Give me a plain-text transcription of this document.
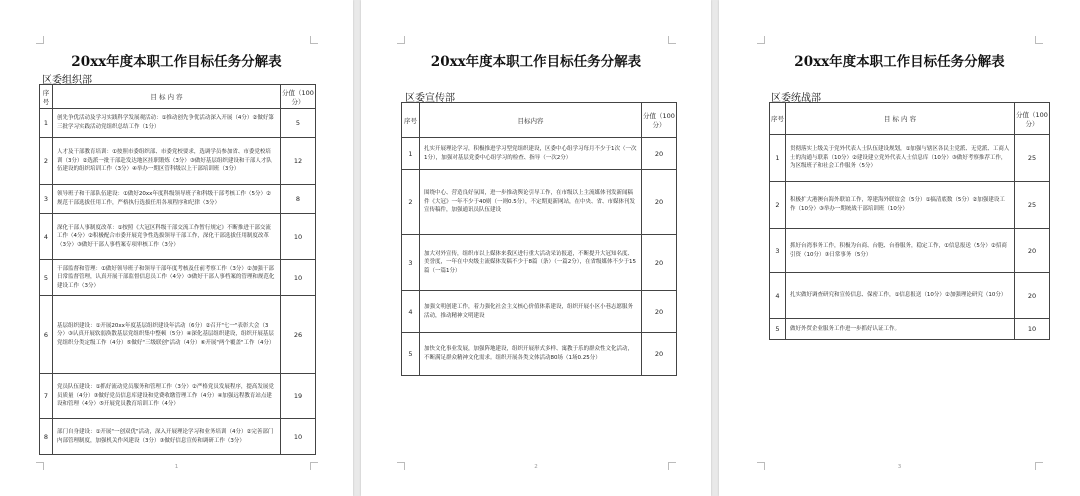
20xx年度本职工作目标任务分解表
区委组织部
序号	目 标 内 容	分值（100分）
1	创先争优活动及学习实践科学发展观活动：①推动创先争优活动深入开展（4分）②做好第三批学习实践活动党组织总结工作（1分）	5
2	人才及干部教育培训：①按照市委组织部、市委党校要求，选调学员参加省、市委党校培训（3分）②选派一批干部赴发达地区挂职锻炼（3分）③做好基层组织建设和干部人才队伍建设的组织培训工作（3分）④举办一期区管科级以上干部培训班（3分）	12
3	领导班子和干部队伍建设：①做好20xx年度科级领导班子和科级干部考核工作（5分）②规范干部选拔任用工作，严格执行选拔任用各项程序和纪律（3分）	8
4	深化干部人事制度改革：①按照《大冠区科级干部交流工作暂行规定》不断推进干部交流工作（4分）②积极配合市委开展竞争性选拔领导干部工作，深化干部选拔任用制度改革（3分）③做好干部人事档案专项审核工作（3分）	10
5	干部监督和管理：①做好领导班子和领导干部年度考核及任前考察工作（3分）②加强干部日常监督管理，认真开展干部监督信息员工作（4分）③做好干部人事档案的管理和规范化建设工作（3分）	10
6	基层组织建设：①开展20xx年度基层组织建设年活动（6分）②召开"七一"表彰大会（3分）③认真开展软弱涣散基层党组织集中整顿（5分）④深化基层组织建设，组织开展基层党组织分类定级工作（4分）⑤做好"三级联创"活动（4分）⑥开展"两个覆盖"工作（4分）	26
7	党员队伍建设：①抓好流动党员服务和管理工作（3分）②严格党员发展程序，提高发展党员质量（4分）③做好党员信息库建设和党费收缴管理工作（4分）④加强远程教育站点建设和管理（4分）⑤开展党员教育培训工作（4分）	19
8	部门自身建设：①开展"一创双优"活动，深入开展理论学习和业务培训（4分）②完善部门内部管理制度，加强机关作风建设（3分）③做好信息宣传和调研工作（3分）	10
1
20xx年度本职工作目标任务分解表
区委宣传部
序号	目标内容	分值（100分）
1	扎实开展理论学习，积极推进学习型党组织建设，区委中心组学习每月不少于1次（一次1分），加强对基层党委中心组学习的检查、指导（一次2分）	20
2	围绕中心、营造良好氛围，进一步推动舆论引导工作，在市级以上主流媒体刊发新闻稿件《大冠》一年不少于40则（一则0.5分），不定期更新网站，在中央、省、市媒体刊发宣传稿件，加强通讯员队伍建设	20
3	加大对外宣传，组织市以上媒体来我区进行重大活动采访报道，不断提升大冠知名度、美誉度，一年在中央级主流媒体发稿不少于8篇（条）（一篇2分），在省级媒体不少于15篇（一篇1分）	20
4	加强文明创建工作，着力强化社会主义核心价值体系建设，组织开展小区小巷志愿服务活动，推动精神文明建设	20
5	加快文化事业发展，加强阵地建设，组织开展形式多样、寓教于乐的群众性文化活动，不断满足群众精神文化需求。组织开展各类文体活动80场（1场0.25分）	20
2
20xx年度本职工作目标任务分解表
区委统战部
序号	目 标 内 容	分值（100分）
1	贯彻落实上级关于党外代表人士队伍建设规划，①加强与辖区各民主党派、无党派、工商人士的沟通与联系（10分）②建设建立党外代表人士信息库（10分）③做好考察推荐工作，为区级班子和社会工作服务（5分）	25
2	积极扩大港澳台海外联谊工作，筹建海外联谊会（5分）①搞清底数（5分）②加强建设工作（10分）③举办一期统战干部培训班（10分）	25
3	抓好台湾事务工作，积极为台商、台胞、台眷服务，稳定工作，①信息报送（5分）②招商引资（10分）③日常事务（5分）	20
4	扎实做好调查研究和宣传信息、保密工作，①信息报送（10分）②加强理论研究（10分）	20
5	做好外贸企业服务工作进一步抓好认证工作。	10
3
